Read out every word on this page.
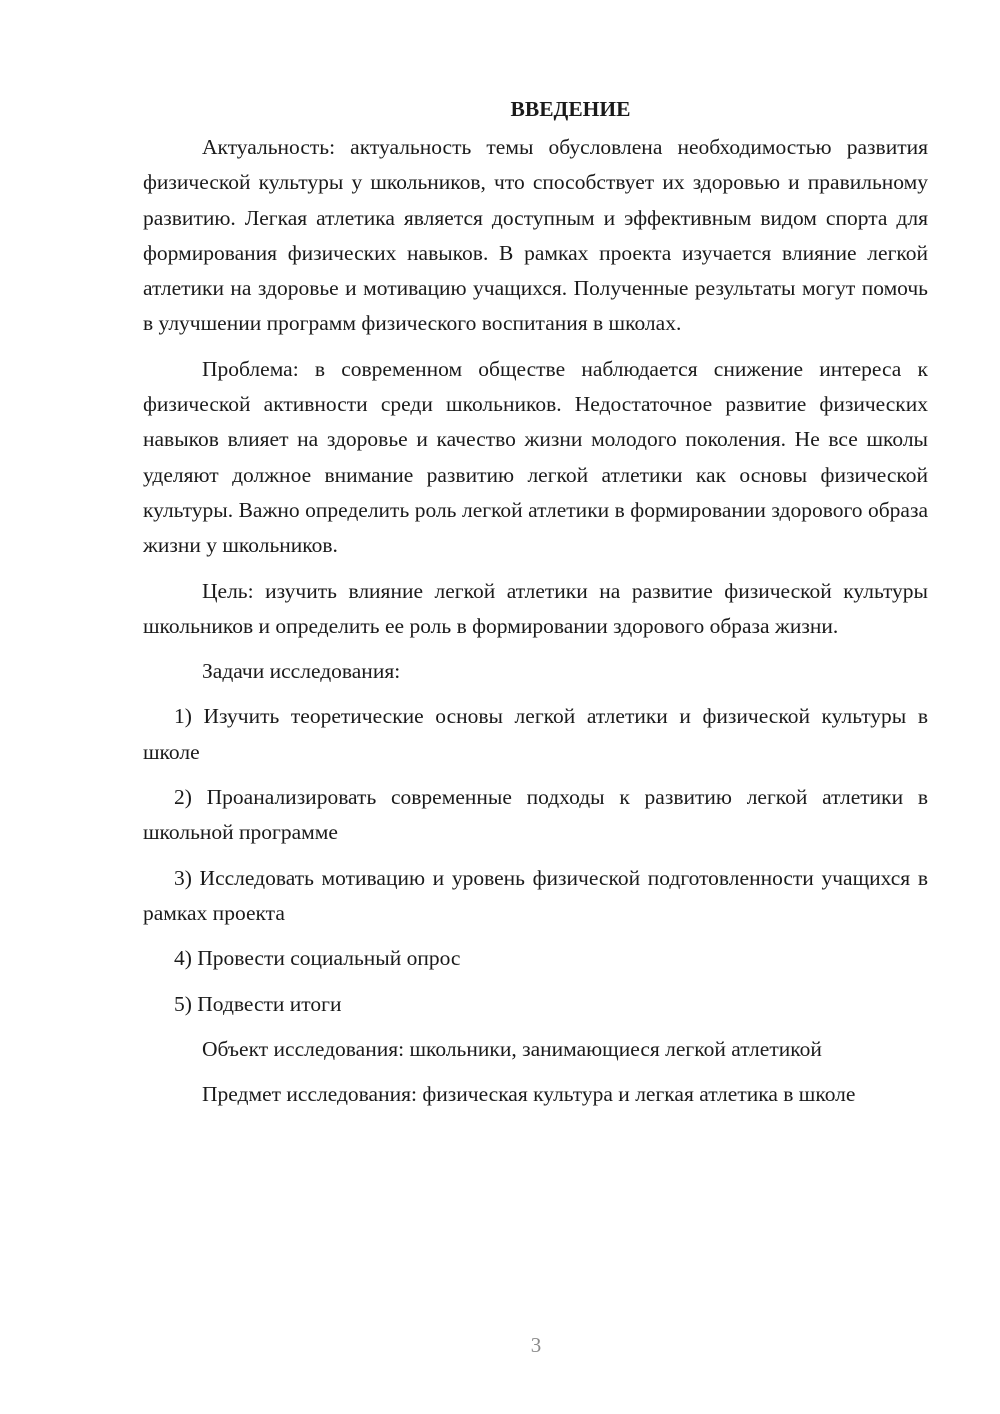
ВВЕДЕНИЕ

Актуальность: актуальность темы обусловлена необходимостью развития физической культуры у школьников, что способствует их здоровью и правильному развитию. Легкая атлетика является доступным и эффективным видом спорта для формирования физических навыков. В рамках проекта изучается влияние легкой атлетики на здоровье и мотивацию учащихся. Полученные результаты могут помочь в улучшении программ физического воспитания в школах.

Проблема: в современном обществе наблюдается снижение интереса к физической активности среди школьников. Недостаточное развитие физических навыков влияет на здоровье и качество жизни молодого поколения. Не все школы уделяют должное внимание развитию легкой атлетики как основы физической культуры. Важно определить роль легкой атлетики в формировании здорового образа жизни у школьников.

Цель: изучить влияние легкой атлетики на развитие физической культуры школьников и определить ее роль в формировании здорового образа жизни.

Задачи исследования:

1) Изучить теоретические основы легкой атлетики и физической культуры в школе

2) Проанализировать современные подходы к развитию легкой атлетики в школьной программе

3) Исследовать мотивацию и уровень физической подготовленности учащихся в рамках проекта

4) Провести социальный опрос

5) Подвести итоги

Объект исследования: школьники, занимающиеся легкой атлетикой

Предмет исследования: физическая культура и легкая атлетика в школе

3
